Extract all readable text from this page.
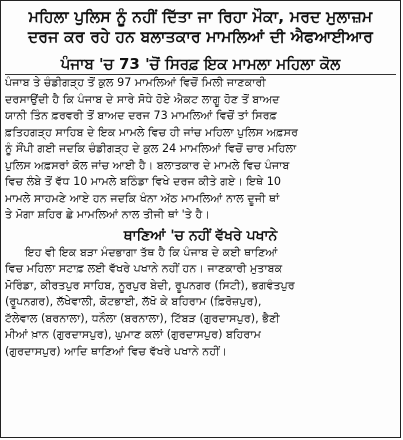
ਮਹਿਲਾ ਪੁਲਿਸ ਨੂੰ ਨਹੀਂ ਦਿੱਤਾ ਜਾ ਰਿਹਾ ਮੌਕਾ, ਮਰਦ ਮੁਲਾਜ਼ਮ
ਦਰਜ ਕਰ ਰਹੇ ਹਨ ਬਲਾਤਕਾਰ ਮਾਮਲਿਆਂ ਦੀ ਐਫਆਈਆਰ
ਪੰਜਾਬ 'ਚ 73 'ਚੋਂ ਸਿਰਫ਼ ਇਕ ਮਾਮਲਾ ਮਹਿਲਾ ਕੋਲ
ਪੰਜਾਬ ਤੇ ਚੰਡੀਗੜ੍ਹ ਤੋਂ ਕੁਲ 97 ਮਾਮਲਿਆਂ ਵਿਚੋਂ ਮਿਲੀ ਜਾਣਕਾਰੀ
ਦਰਸਾਉਂਦੀ ਹੈ ਕਿ ਪੰਜਾਬ ਦੇ ਸਾਰੇ ਸੋਧੇ ਹੋਏ ਐਕਟ ਲਾਗੂ ਹੋਣ ਤੋਂ ਬਾਅਦ
ਯਾਨੀ ਤਿੰਨ ਫ਼ਰਵਰੀ ਤੋਂ ਬਾਅਦ ਦਰਜ 73 ਮਾਮਲਿਆਂ ਵਿਚੋਂ ਤਾਂ ਸਿਰਫ਼
ਫ਼ਤਿਹਗੜ੍ਹ ਸਾਹਿਬ ਦੇ ਇਕ ਮਾਮਲੇ ਵਿਚ ਹੀ ਜਾਂਚ ਮਹਿਲਾ ਪੁਲਿਸ ਅਫ਼ਸਰ
ਨੂੰ ਸੌਂਪੀ ਗਈ ਜਦਕਿ ਚੰਡੀਗੜ੍ਹ ਦੇ ਕੁਲ 24 ਮਾਮਲਿਆਂ ਵਿਚੋਂ ਚਾਰ ਮਹਿਲਾ
ਪੁਲਿਸ ਅਫ਼ਸਰਾਂ ਕੋਲ ਜਾਂਚ ਆਈ ਹੈ। ਬਲਾਤਕਾਰ ਦੇ ਮਾਮਲੇ ਵਿਚ ਪੰਜਾਬ
ਵਿਚ ਲੰਬੇ ਤੋਂ ਵੱਧ 10 ਮਾਮਲੇ ਬਠਿੰਡਾ ਵਿਖੇ ਦਰਜ ਕੀਤੇ ਗਏ। ਇਥੇ 10
ਮਾਮਲੇ ਸਾਹਮਣੇ ਆਏ ਹਨ ਜਦਕਿ ਖੰਨਾ ਅੱਠ ਮਾਮਲਿਆਂ ਨਾਲ ਦੂਜੀ ਥਾਂ
ਤੇ ਮੋਗਾ ਸ਼ਹਿਰ ਛੇ ਮਾਮਲਿਆਂ ਨਾਲ ਤੀਜੀ ਥਾਂ 'ਤੇ ਹੈ।
ਥਾਣਿਆਂ 'ਚ ਨਹੀਂ ਵੱਖਰੇ ਪਖਾਨੇ
ਇਹ ਵੀ ਇਕ ਬੜਾ ਮੰਦਭਾਗਾ ਤੱਥ ਹੈ ਕਿ ਪੰਜਾਬ ਦੇ ਕਈ ਥਾਣਿਆਂ
ਵਿਚ ਮਹਿਲਾ ਸਟਾਫ਼ ਲਈ ਵੱਖਰੇ ਪਖਾਨੇ ਨਹੀਂ ਹਨ। ਜਾਣਕਾਰੀ ਮੁਤਾਬਕ
ਮੋਰਿੰਡਾ, ਕੀਰਤਪੁਰ ਸਾਹਿਬ, ਨੂਰਪੁਰ ਬੇਦੀ, ਰੂਪਨਗਰ (ਸਿਟੀ), ਭਗਵੰਤਪੁਰ
(ਰੂਪਨਗਰ), ਲੱਖੇਵਾਲੀ, ਕੋਟਭਾਈ, ਲੱਖੋ ਕੇ ਬਹਿਰਾਮ (ਫ਼ਿਰੋਜ਼ਪੁਰ),
ਟੱਲੇਵਾਲ (ਬਰਨਾਲਾ), ਧਨੌਲਾ (ਬਰਨਾਲਾ), ਟਿੱਬੜ (ਗੁਰਦਾਸਪੁਰ), ਭੈਣੀ
ਮੀਆਂ ਖ਼ਾਨ (ਗੁਰਦਾਸਪੁਰ), ਘੁਮਾਣ ਕਲਾਂ (ਗੁਰਦਾਸਪੁਰ) ਬਹਿਰਾਮ
(ਗੁਰਦਾਸਪੁਰ) ਆਦਿ ਥਾਣਿਆਂ ਵਿਚ ਵੱਖਰੇ ਪਖਾਨੇ ਨਹੀਂ।
